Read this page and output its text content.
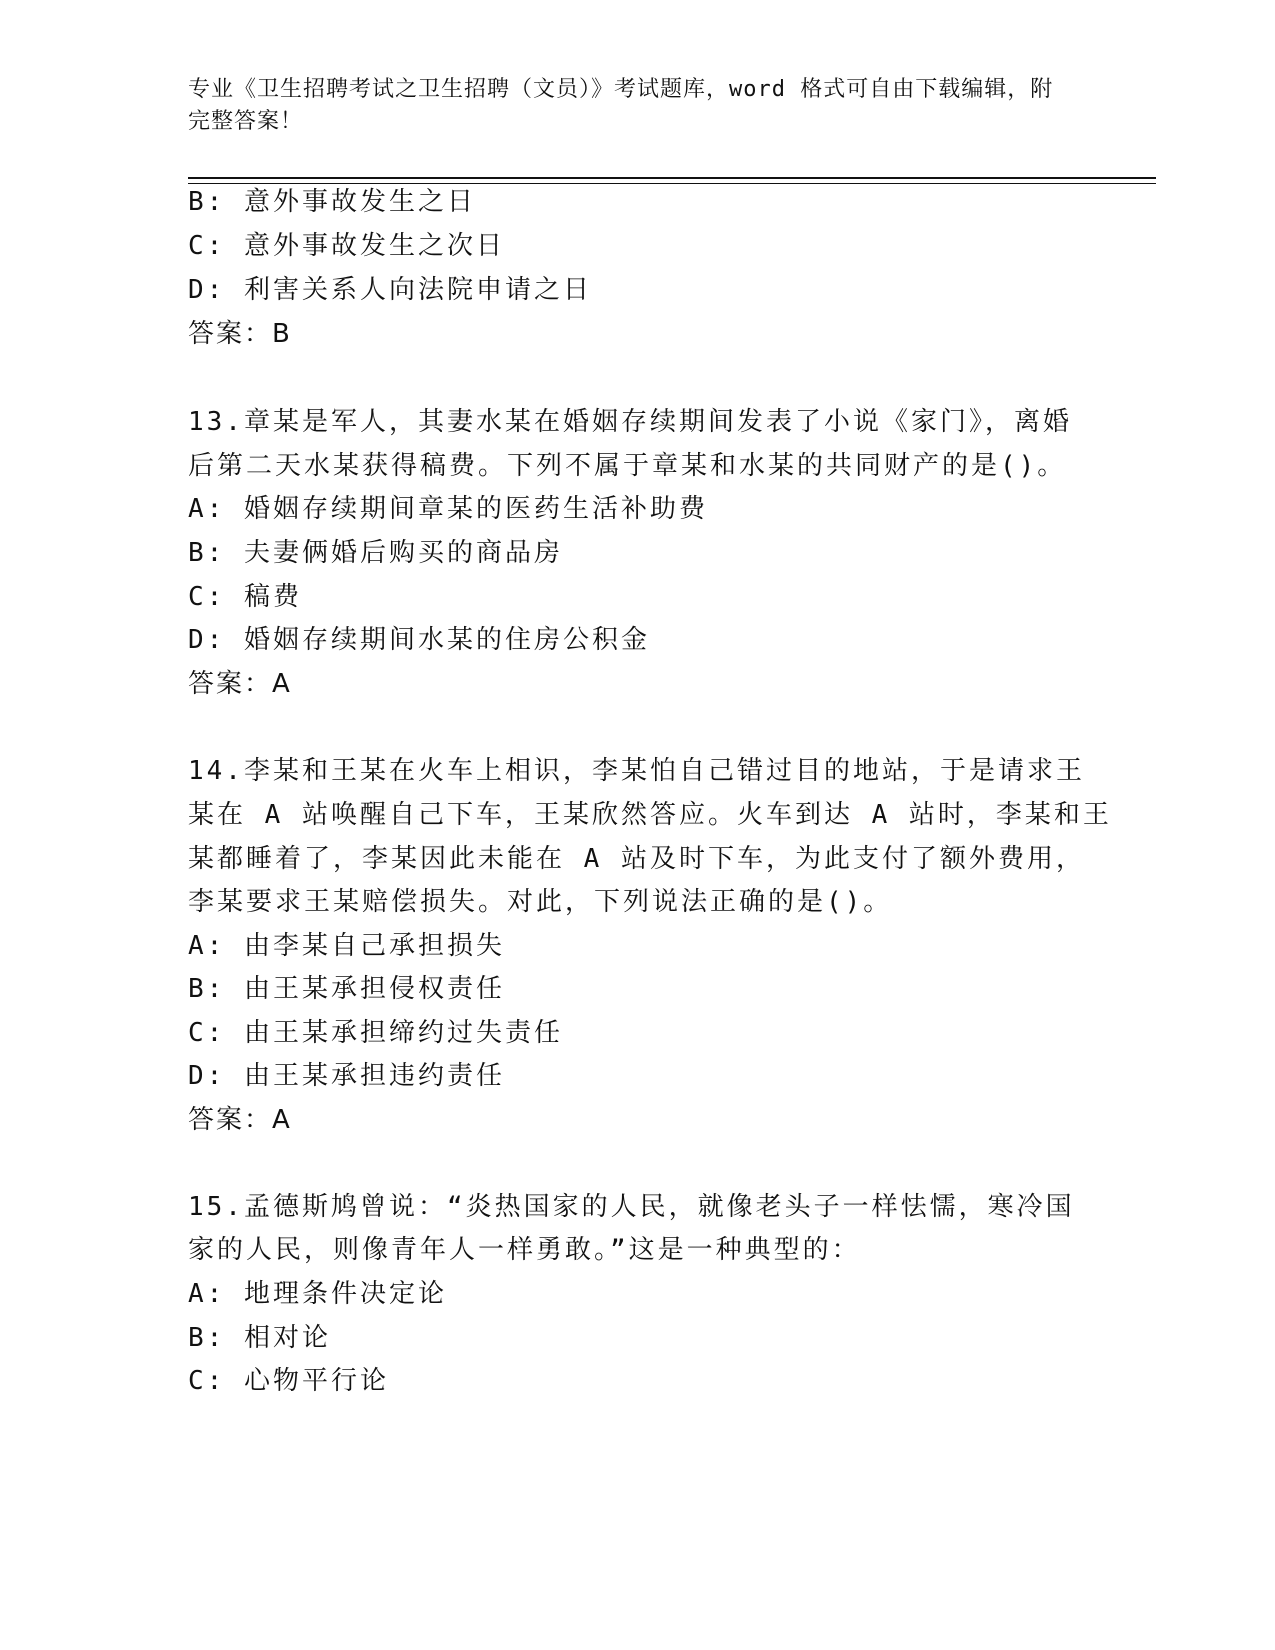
专业《卫生招聘考试之卫生招聘（文员）》考试题库，word 格式可自由下载编辑，附完整答案！
B: 意外事故发生之日
C: 意外事故发生之次日
D: 利害关系人向法院申请之日
答案：B
13.章某是军人，其妻水某在婚姻存续期间发表了小说《家门》，离婚
后第二天水某获得稿费。下列不属于章某和水某的共同财产的是()。
A: 婚姻存续期间章某的医药生活补助费
B: 夫妻俩婚后购买的商品房
C: 稿费
D: 婚姻存续期间水某的住房公积金
答案：A
14.李某和王某在火车上相识，李某怕自己错过目的地站，于是请求王
某在 A 站唤醒自己下车，王某欣然答应。火车到达 A 站时，李某和王
某都睡着了，李某因此未能在 A 站及时下车，为此支付了额外费用，
李某要求王某赔偿损失。对此，下列说法正确的是()。
A: 由李某自己承担损失
B: 由王某承担侵权责任
C: 由王某承担缔约过失责任
D: 由王某承担违约责任
答案：A
15.孟德斯鸠曾说：“炎热国家的人民，就像老头子一样怯懦，寒冷国
家的人民，则像青年人一样勇敢。”这是一种典型的：
A: 地理条件决定论
B: 相对论
C: 心物平行论
